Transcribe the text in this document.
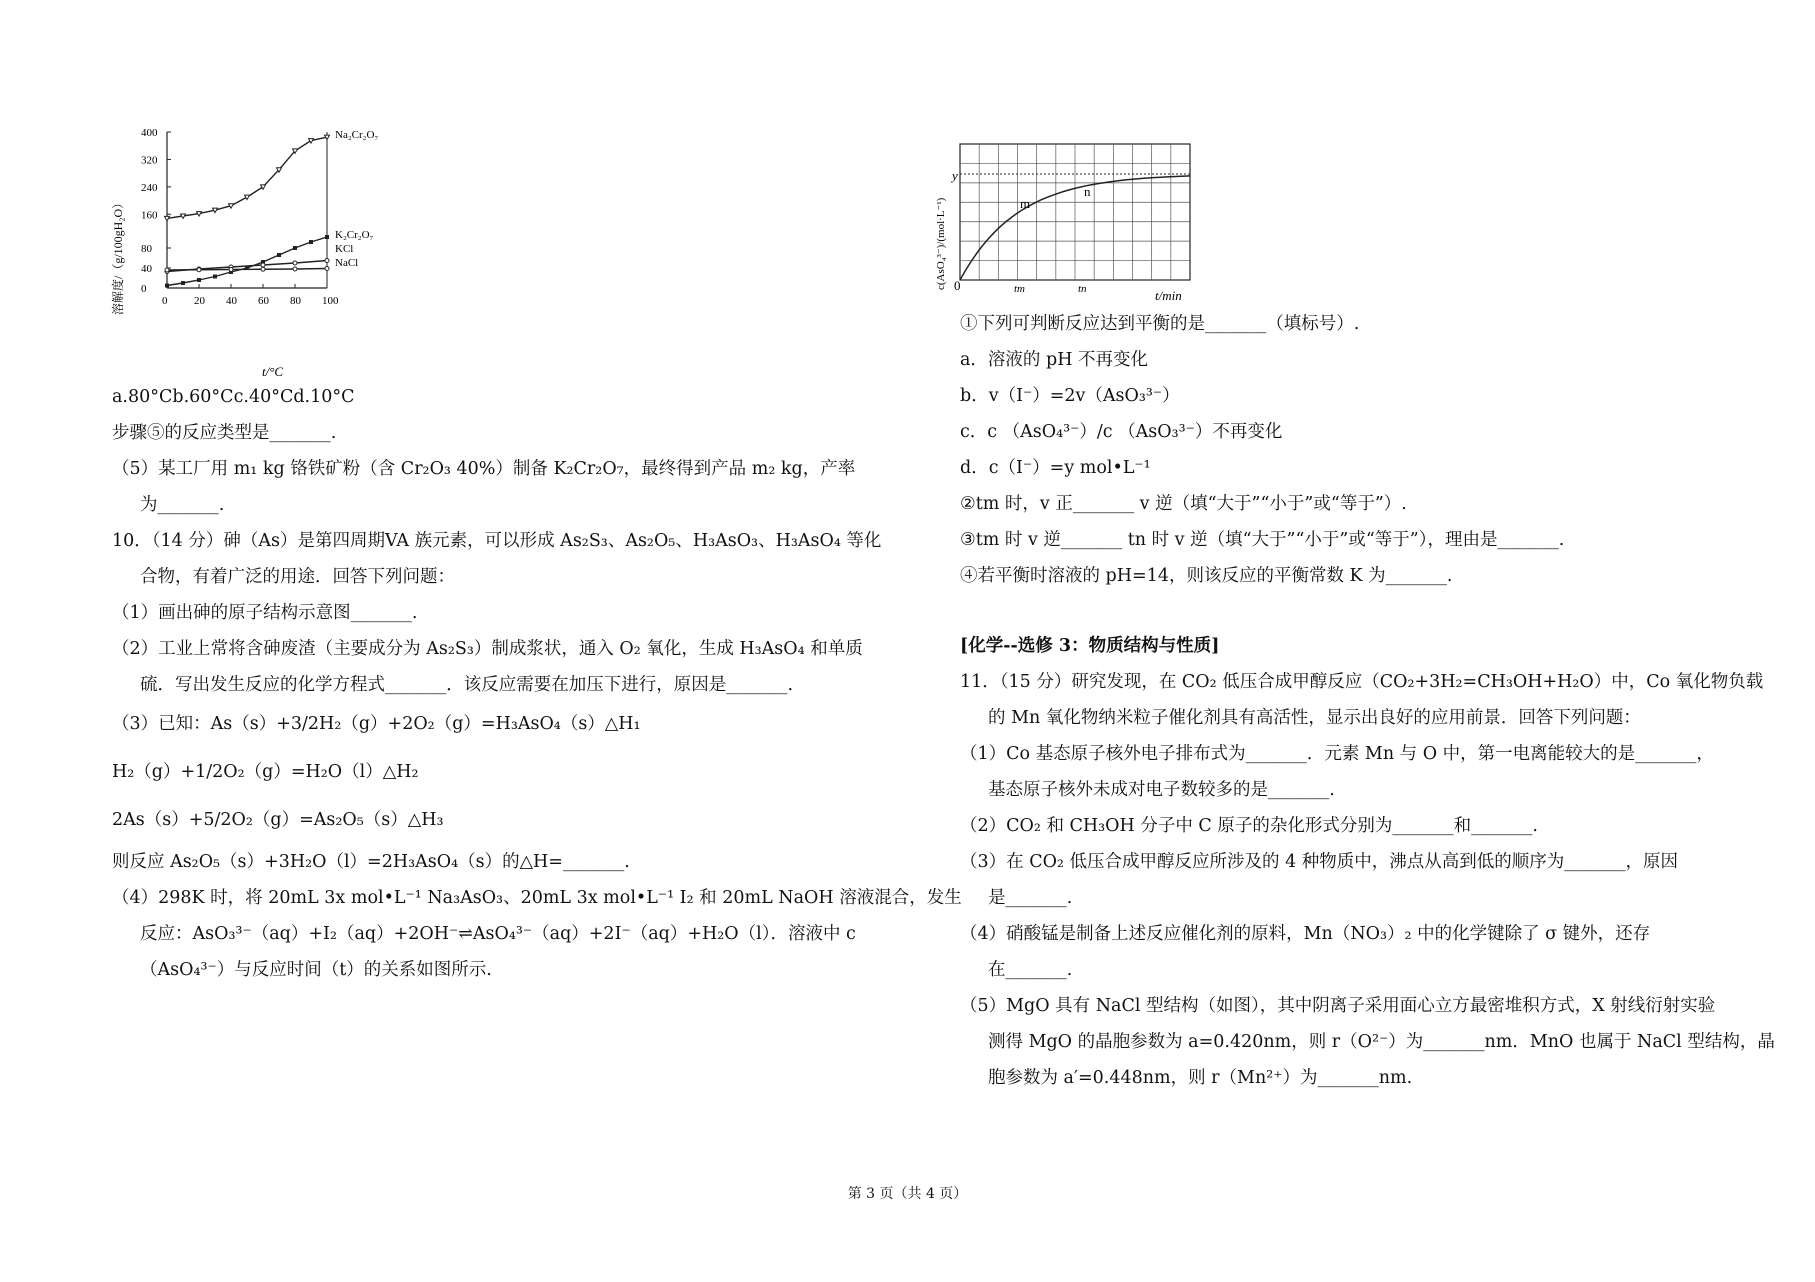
0 20 40 60 80 100
0
40
80
160
240
320
400	Na₂Cr₂O₇
K₂Cr₂O₇
KCl
NaCl
溶解度/（g/100gH₂O）
t/°C
c(AsO₄³⁻)/(mol·L⁻¹)
t/min
y
0	tm	tn
m
n
a.80°Cb.60°Cc.40°Cd.10°C
步骤⑤的反应类型是_______.
（5）某工厂用 m₁ kg 铬铁矿粉（含 Cr₂O₃ 40%）制备 K₂Cr₂O₇，最终得到产品 m₂ kg，产率
为_______.
10．（14 分）砷（As）是第四周期VA 族元素，可以形成 As₂S₃、As₂O₅、H₃AsO₃、H₃AsO₄ 等化
合物，有着广泛的用途．回答下列问题：
（1）画出砷的原子结构示意图_______.
（2）工业上常将含砷废渣（主要成分为 As₂S₃）制成浆状，通入 O₂ 氧化，生成 H₃AsO₄ 和单质
硫．写出发生反应的化学方程式_______．该反应需要在加压下进行，原因是_______.
（3）已知：As（s）+3/2H₂（g）+2O₂（g）=H₃AsO₄（s）△H₁
H₂（g）+1/2O₂（g）=H₂O（l）△H₂
2As（s）+5/2O₂（g）=As₂O₅（s）△H₃
则反应 As₂O₅（s）+3H₂O（l）=2H₃AsO₄（s）的△H=_______.
（4）298K 时，将 20mL 3x mol•L⁻¹ Na₃AsO₃、20mL 3x mol•L⁻¹ I₂ 和 20mL NaOH 溶液混合，发生
反应：AsO₃³⁻（aq）+I₂（aq）+2OH⁻⇌AsO₄³⁻（aq）+2I⁻（aq）+H₂O（l）．溶液中 c
（AsO₄³⁻）与反应时间（t）的关系如图所示.
①下列可判断反应达到平衡的是_______（填标号）.
a．溶液的 pH 不再变化
b．v（I⁻）=2v（AsO₃³⁻）
c．c （AsO₄³⁻）/c （AsO₃³⁻）不再变化
d．c（I⁻）=y mol•L⁻¹
②tm 时，v 正_______ v 逆（填“大于”“小于”或“等于”）.
③tm 时 v 逆_______ tn 时 v 逆（填“大于”“小于”或“等于”），理由是_______.
④若平衡时溶液的 pH=14，则该反应的平衡常数 K 为_______.
[化学--选修 3：物质结构与性质]
11．（15 分）研究发现，在 CO₂ 低压合成甲醇反应（CO₂+3H₂=CH₃OH+H₂O）中，Co 氧化物负载
的 Mn 氧化物纳米粒子催化剂具有高活性，显示出良好的应用前景．回答下列问题：
（1）Co 基态原子核外电子排布式为_______．元素 Mn 与 O 中，第一电离能较大的是_______，
基态原子核外未成对电子数较多的是_______.
（2）CO₂ 和 CH₃OH 分子中 C 原子的杂化形式分别为_______和_______.
（3）在 CO₂ 低压合成甲醇反应所涉及的 4 种物质中，沸点从高到低的顺序为_______，原因
是_______.
（4）硝酸锰是制备上述反应催化剂的原料，Mn（NO₃）₂ 中的化学键除了 σ 键外，还存
在_______.
（5）MgO 具有 NaCl 型结构（如图），其中阴离子采用面心立方最密堆积方式，X 射线衍射实验
测得 MgO 的晶胞参数为 a=0.420nm，则 r（O²⁻）为_______nm．MnO 也属于 NaCl 型结构，晶
胞参数为 a′=0.448nm，则 r（Mn²⁺）为_______nm.
第 3 页（共 4 页）
